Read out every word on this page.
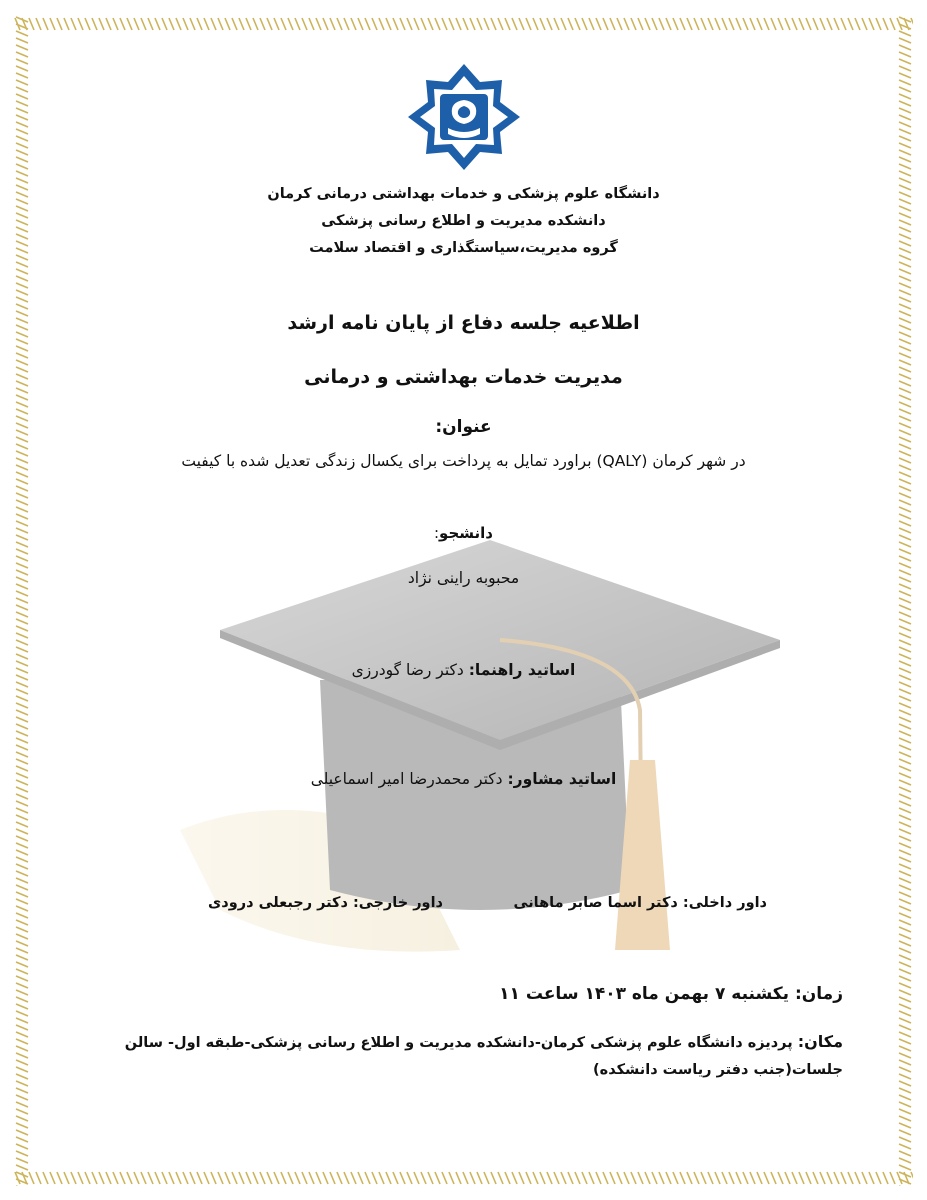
دانشگاه علوم پزشکی و خدمات بهداشتی درمانی کرمان
دانشکده مدیریت و اطلاع رسانی پزشکی
گروه مدیریت،سیاستگذاری و اقتصاد سلامت
اطلاعیه جلسه دفاع از پایان نامه ارشد
مدیریت خدمات بهداشتی و درمانی
عنوان:
در شهر کرمان (QALY) براورد تمایل به پرداخت برای یکسال زندگی تعدیل شده با کیفیت
دانشجو:
محبوبه راینی نژاد
اساتید راهنما: دکتر رضا گودرزی
اساتید مشاور: دکتر محمدرضا امیر اسماعیلی
داور داخلی: دکتر اسما صابر ماهانی
داور خارجی: دکتر رجبعلی درودی
زمان: یکشنبه ۷ بهمن ماه ۱۴۰۳ ساعت ۱۱
مکان: پردیزه دانشگاه علوم پزشکی کرمان-دانشکده مدیریت و اطلاع رسانی پزشکی-طبقه اول- سالن
جلسات(جنب دفتر ریاست دانشکده)
